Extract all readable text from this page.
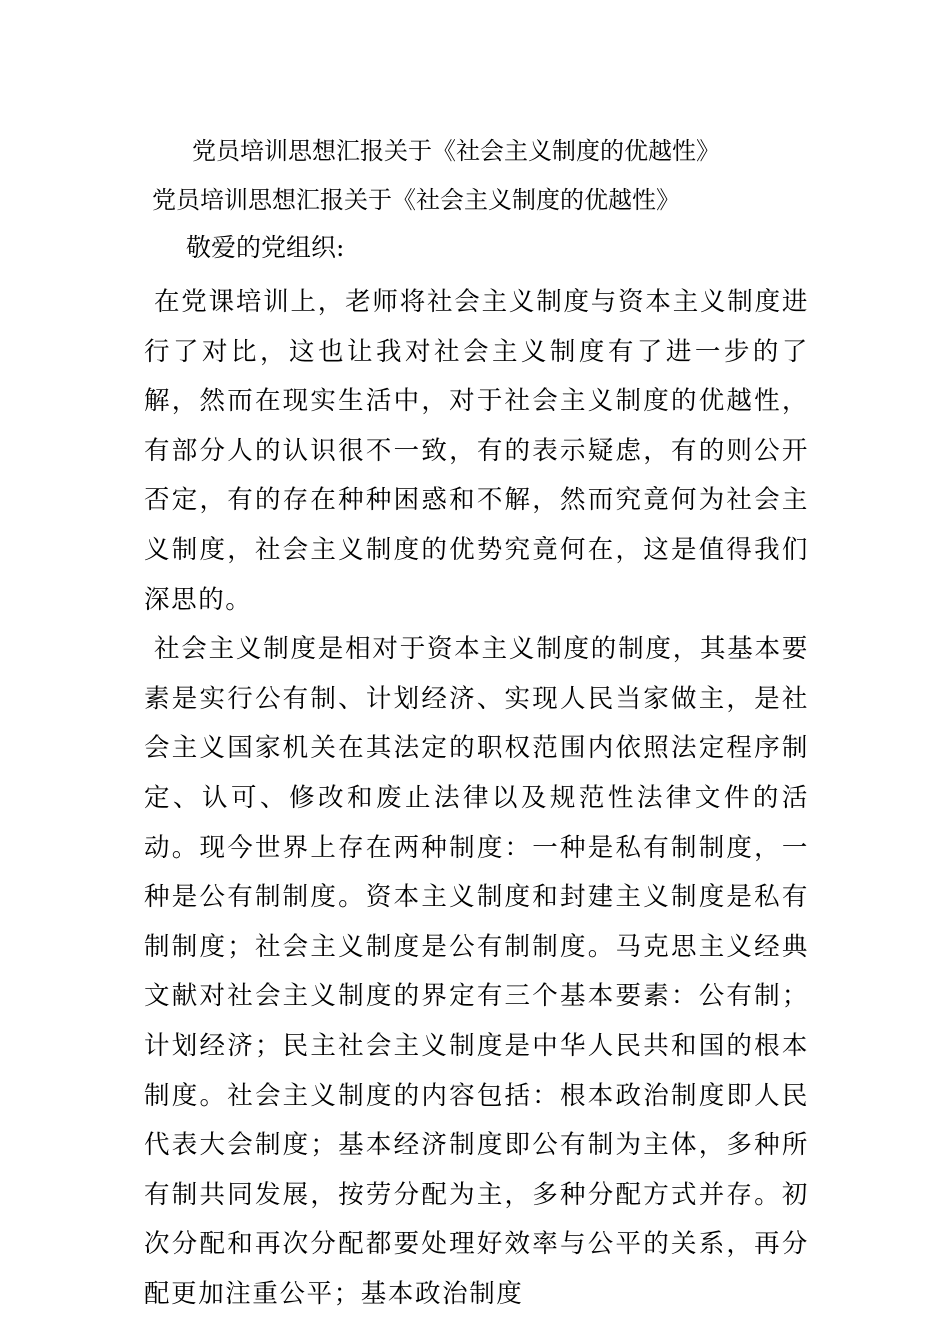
党员培训思想汇报关于《社会主义制度的优越性》
党员培训思想汇报关于《社会主义制度的优越性》
敬爱的党组织:

在党课培训上，老师将社会主义制度与资本主义制度进行了对比，这也让我对社会主义制度有了进一步的了解，然而在现实生活中，对于社会主义制度的优越性，有部分人的认识很不一致，有的表示疑虑，有的则公开否定，有的存在种种困惑和不解，然而究竟何为社会主义制度，社会主义制度的优势究竟何在，这是值得我们深思的。

社会主义制度是相对于资本主义制度的制度，其基本要素是实行公有制、计划经济、实现人民当家做主，是社会主义国家机关在其法定的职权范围内依照法定程序制定、认可、修改和废止法律以及规范性法律文件的活动。现今世界上存在两种制度：一种是私有制制度，一种是公有制制度。资本主义制度和封建主义制度是私有制制度；社会主义制度是公有制制度。马克思主义经典文献对社会主义制度的界定有三个基本要素：公有制；计划经济；民主社会主义制度是中华人民共和国的根本制度。社会主义制度的内容包括：根本政治制度即人民代表大会制度；基本经济制度即公有制为主体，多种所有制共同发展，按劳分配为主，多种分配方式并存。初次分配和再次分配都要处理好效率与公平的关系，再分配更加注重公平；基本政治制度
